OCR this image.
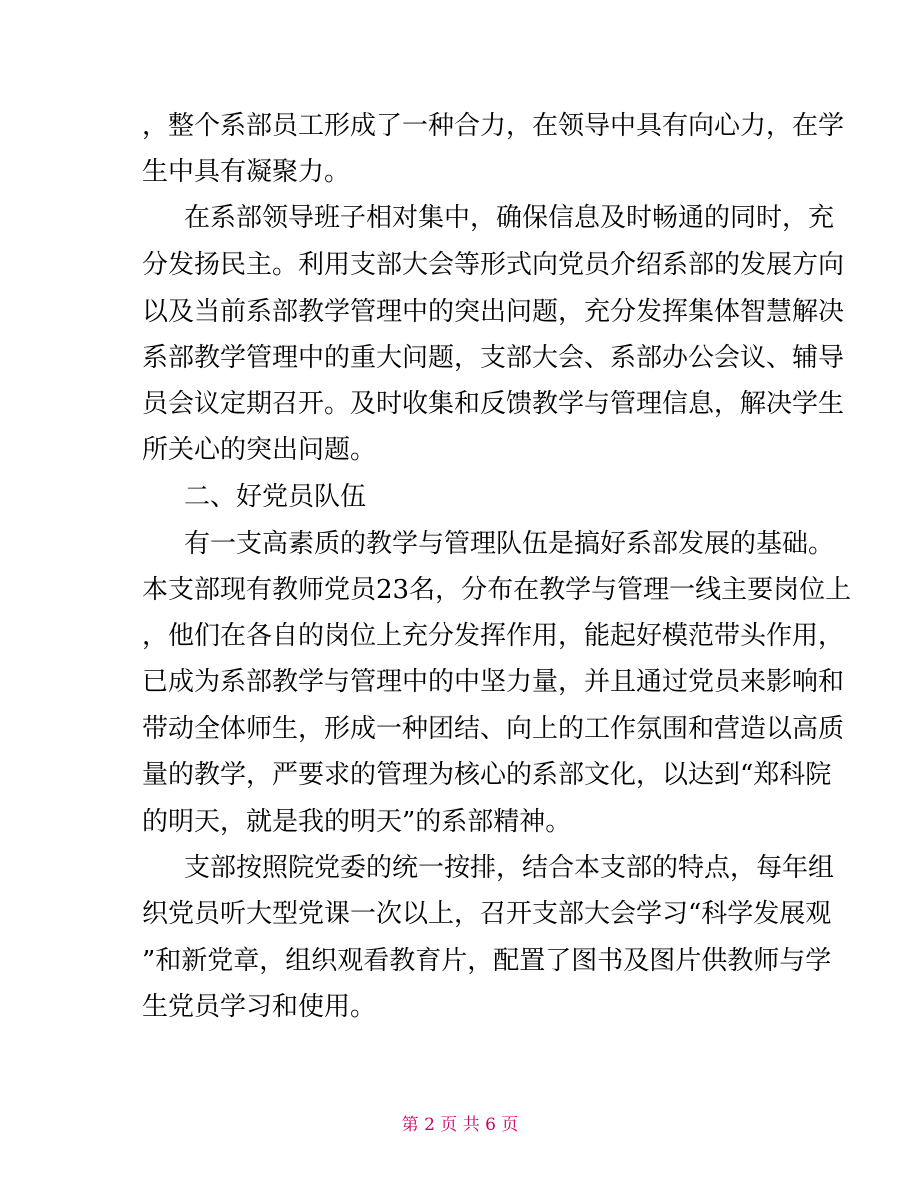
，整个系部员工形成了一种合力，在领导中具有向心力，在学
生中具有凝聚力。
在系部领导班子相对集中，确保信息及时畅通的同时，充
分发扬民主。利用支部大会等形式向党员介绍系部的发展方向
以及当前系部教学管理中的突出问题，充分发挥集体智慧解决
系部教学管理中的重大问题，支部大会、系部办公会议、辅导
员会议定期召开。及时收集和反馈教学与管理信息，解决学生
所关心的突出问题。
二、好党员队伍
有一支高素质的教学与管理队伍是搞好系部发展的基础。
本支部现有教师党员23名，分布在教学与管理一线主要岗位上
，他们在各自的岗位上充分发挥作用，能起好模范带头作用，
已成为系部教学与管理中的中坚力量，并且通过党员来影响和
带动全体师生，形成一种团结、向上的工作氛围和营造以高质
量的教学，严要求的管理为核心的系部文化，以达到“郑科院
的明天，就是我的明天”的系部精神。
支部按照院党委的统一按排，结合本支部的特点，每年组
织党员听大型党课一次以上，召开支部大会学习“科学发展观
”和新党章，组织观看教育片，配置了图书及图片供教师与学
生党员学习和使用。
第 2 页 共 6 页
